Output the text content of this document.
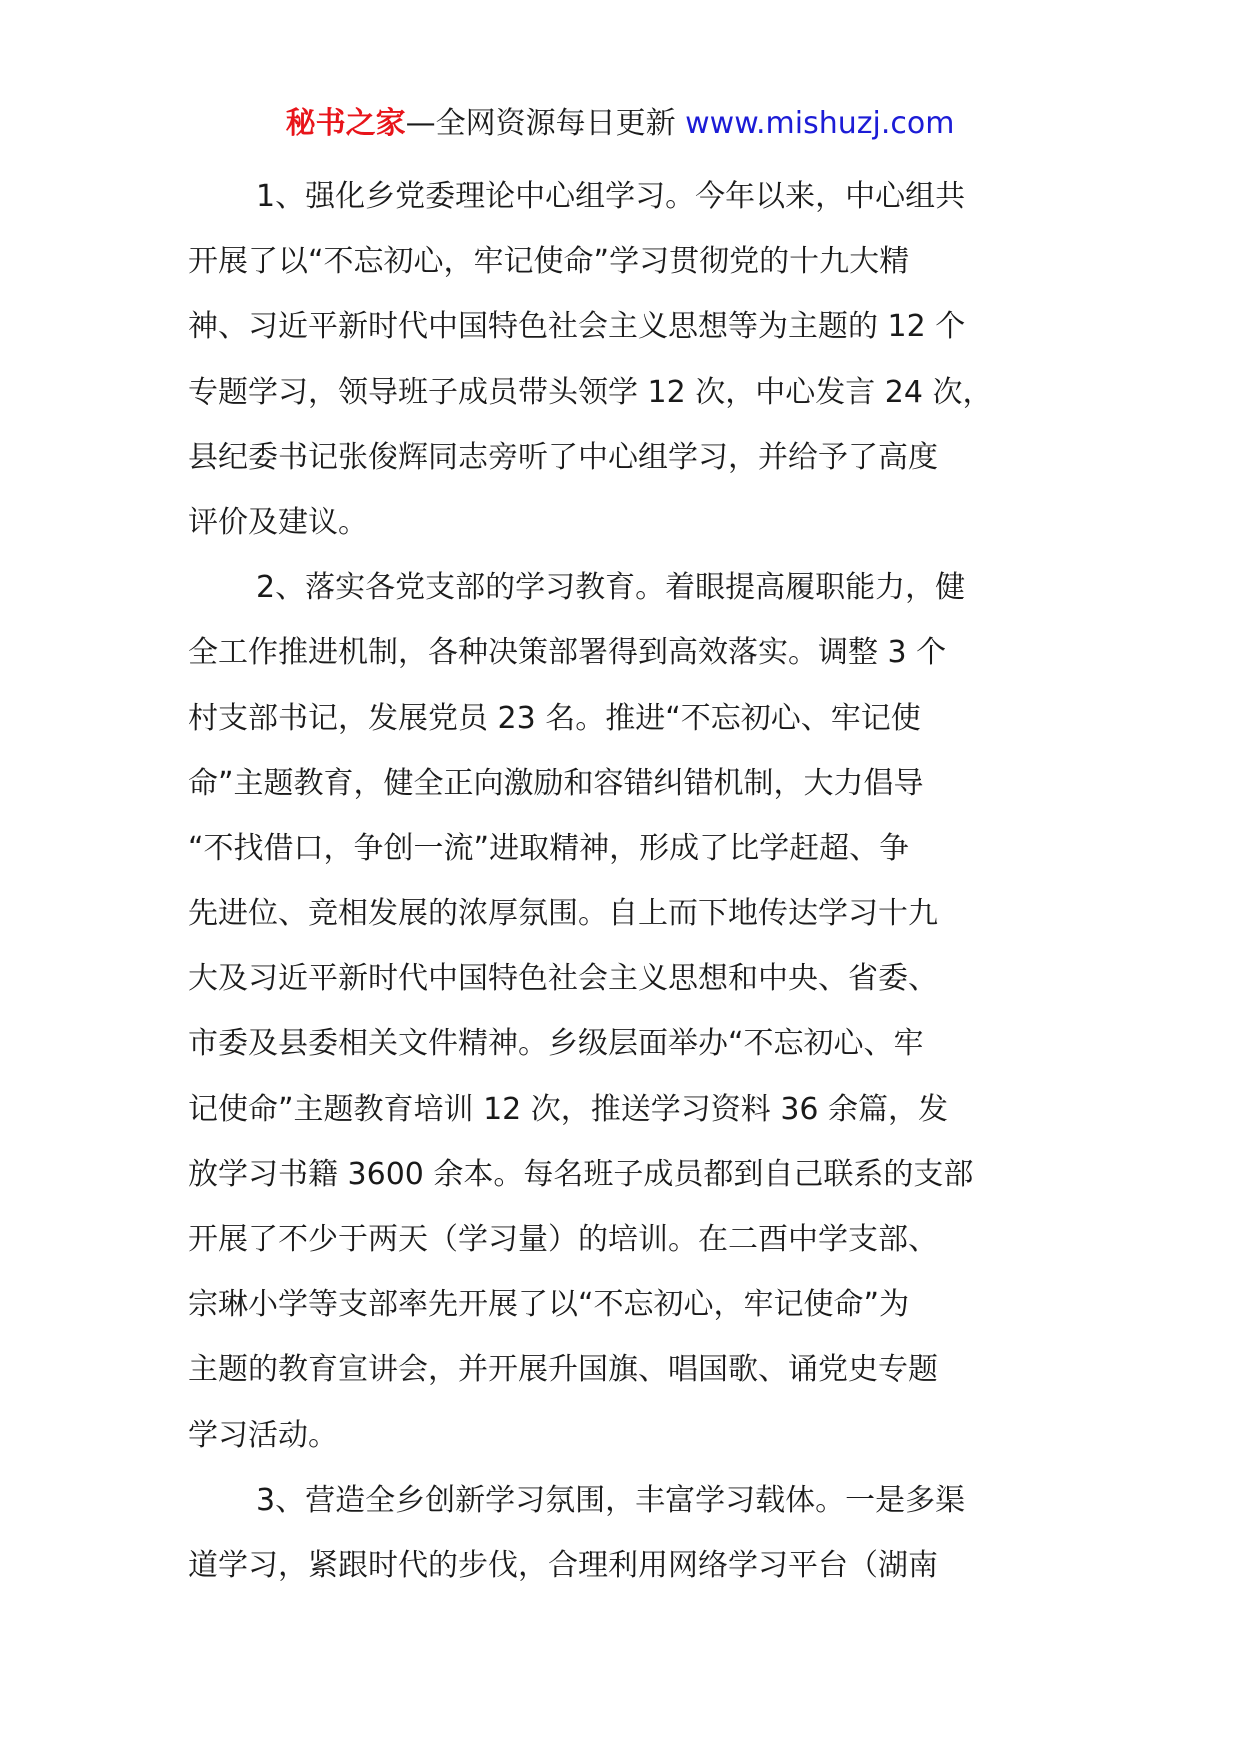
秘书之家—全网资源每日更新 www.mishuzj.com

1、强化乡党委理论中心组学习。今年以来，中心组共
开展了以“不忘初心，牢记使命”学习贯彻党的十九大精
神、习近平新时代中国特色社会主义思想等为主题的 12 个
专题学习，领导班子成员带头领学 12 次，中心发言 24 次，
县纪委书记张俊辉同志旁听了中心组学习，并给予了高度
评价及建议。

2、落实各党支部的学习教育。着眼提高履职能力，健
全工作推进机制，各种决策部署得到高效落实。调整 3 个
村支部书记，发展党员 23 名。推进“不忘初心、牢记使
命”主题教育，健全正向激励和容错纠错机制，大力倡导
“不找借口，争创一流”进取精神，形成了比学赶超、争
先进位、竞相发展的浓厚氛围。自上而下地传达学习十九
大及习近平新时代中国特色社会主义思想和中央、省委、
市委及县委相关文件精神。乡级层面举办“不忘初心、牢
记使命”主题教育培训 12 次，推送学习资料 36 余篇，发
放学习书籍 3600 余本。每名班子成员都到自己联系的支部
开展了不少于两天（学习量）的培训。在二酉中学支部、
宗琳小学等支部率先开展了以“不忘初心，牢记使命”为
主题的教育宣讲会，并开展升国旗、唱国歌、诵党史专题
学习活动。

3、营造全乡创新学习氛围，丰富学习载体。一是多渠
道学习，紧跟时代的步伐，合理利用网络学习平台（湖南
